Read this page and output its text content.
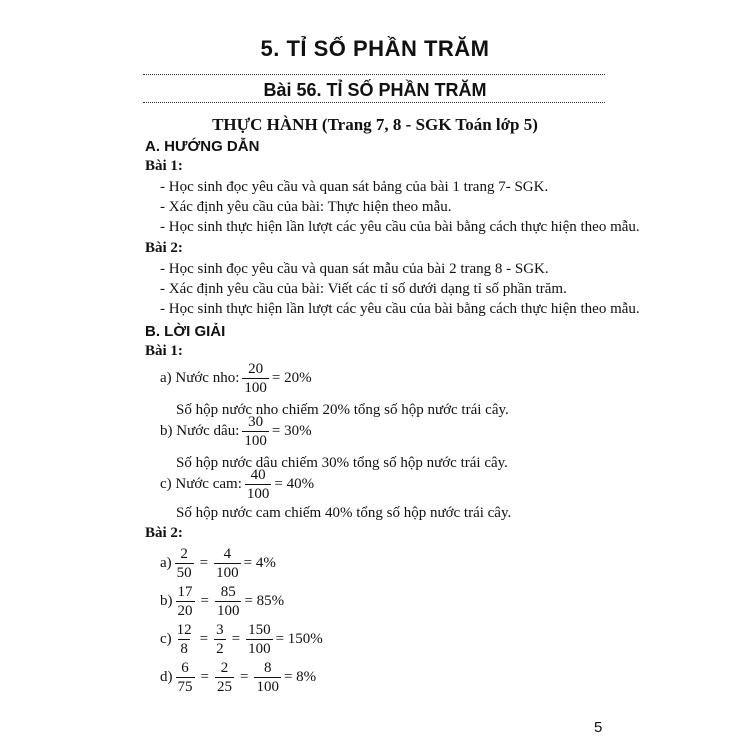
5. TỈ SỐ PHẦN TRĂM
Bài 56. TỈ SỐ PHẦN TRĂM
THỰC HÀNH (Trang 7, 8 - SGK Toán lớp 5)
A. HƯỚNG DẪN
Bài 1:
- Học sinh đọc yêu cầu và quan sát bảng của bài 1 trang 7- SGK.
- Xác định yêu cầu của bài: Thực hiện theo mẫu.
- Học sinh thực hiện lần lượt các yêu cầu của bài bằng cách thực hiện theo mẫu.
Bài 2:
- Học sinh đọc yêu cầu và quan sát mẫu của bài 2 trang 8 - SGK.
- Xác định yêu cầu của bài: Viết các tỉ số dưới dạng tỉ số phần trăm.
- Học sinh thực hiện lần lượt các yêu cầu của bài bằng cách thực hiện theo mẫu.
B. LỜI GIẢI
Bài 1:
a) Nước nho: $\frac{20}{100} = 20\%$
Số hộp nước nho chiếm 20% tổng số hộp nước trái cây.
b) Nước dâu: $\frac{30}{100} = 30\%$
Số hộp nước dâu chiếm 30% tổng số hộp nước trái cây.
c) Nước cam: $\frac{40}{100} = 40\%$
Số hộp nước cam chiếm 40% tổng số hộp nước trái cây.
Bài 2:
$a) \frac{2}{50} = \frac{4}{100} = 4\%$
$b) \frac{17}{20} = \frac{85}{100} = 85\%$
$c) \frac{12}{8} = \frac{3}{2} = \frac{150}{100} = 150\%$
$d) \frac{6}{75} = \frac{2}{25} = \frac{8}{100} = 8\%$
5
